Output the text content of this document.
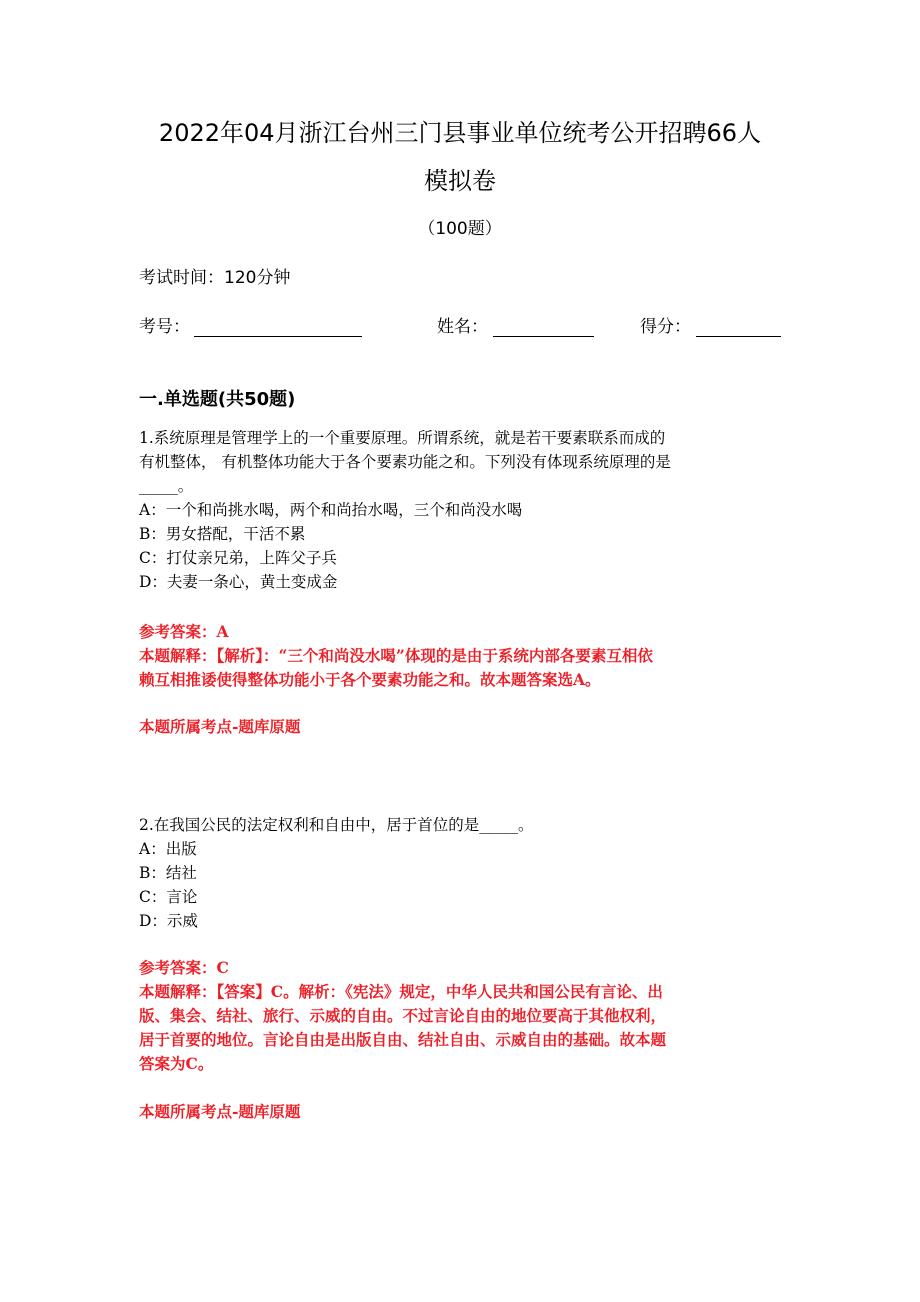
2022年04月浙江台州三门县事业单位统考公开招聘66人
模拟卷
（100题）
考试时间：120分钟
考号：	姓名：	得分：
一.单选题(共50题)
1.系统原理是管理学上的一个重要原理。所谓系统，就是若干要素联系而成的
有机整体， 有机整体功能大于各个要素功能之和。下列没有体现系统原理的是
_____。
A：一个和尚挑水喝，两个和尚抬水喝，三个和尚没水喝
B：男女搭配，干活不累
C：打仗亲兄弟，上阵父子兵
D：夫妻一条心，黄土变成金
参考答案：A
本题解释：【解析】：“三个和尚没水喝”体现的是由于系统内部各要素互相依
赖互相推诿使得整体功能小于各个要素功能之和。故本题答案选A。
本题所属考点-题库原题
2.在我国公民的法定权利和自由中，居于首位的是_____。
A：出版
B：结社
C：言论
D：示威
参考答案：C
本题解释：【答案】C。解析：《宪法》规定，中华人民共和国公民有言论、出
版、集会、结社、旅行、示威的自由。不过言论自由的地位要高于其他权利，
居于首要的地位。言论自由是出版自由、结社自由、示威自由的基础。故本题
答案为C。
本题所属考点-题库原题
